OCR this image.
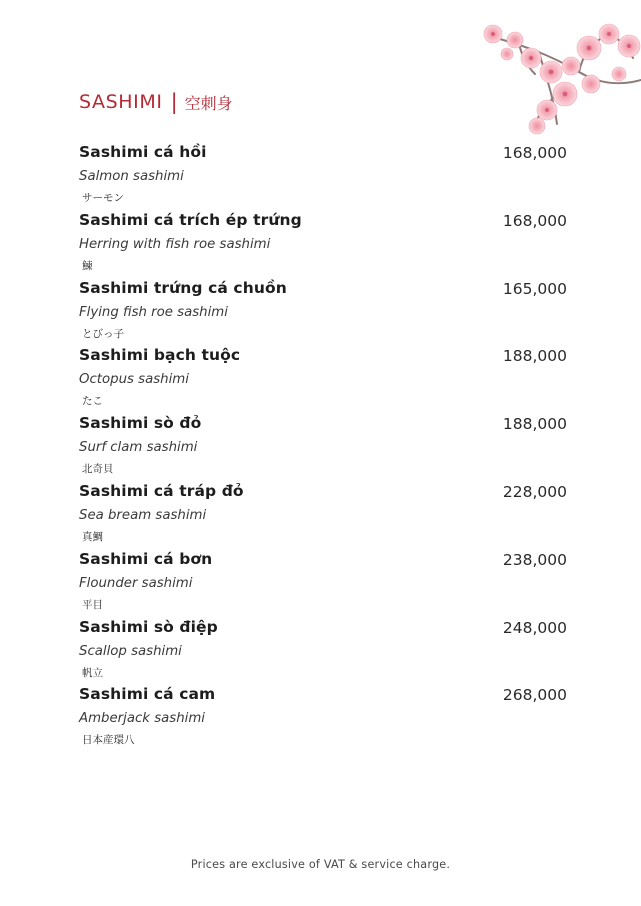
SASHIMI | 空刺身
Sashimi cá hồi	168,000
Salmon sashimi
サーモン
Sashimi cá trích ép trứng	168,000
Herring with fish roe sashimi
鰊
Sashimi trứng cá chuồn	165,000
Flying fish roe sashimi
とびっ子
Sashimi bạch tuộc	188,000
Octopus sashimi
たこ
Sashimi sò đỏ	188,000
Surf clam sashimi
北奇貝
Sashimi cá tráp đỏ	228,000
Sea bream sashimi
真鯛
Sashimi cá bơn	238,000
Flounder sashimi
平目
Sashimi sò điệp	248,000
Scallop sashimi
帆立
Sashimi cá cam	268,000
Amberjack sashimi
日本産環八
Prices are exclusive of VAT & service charge.
